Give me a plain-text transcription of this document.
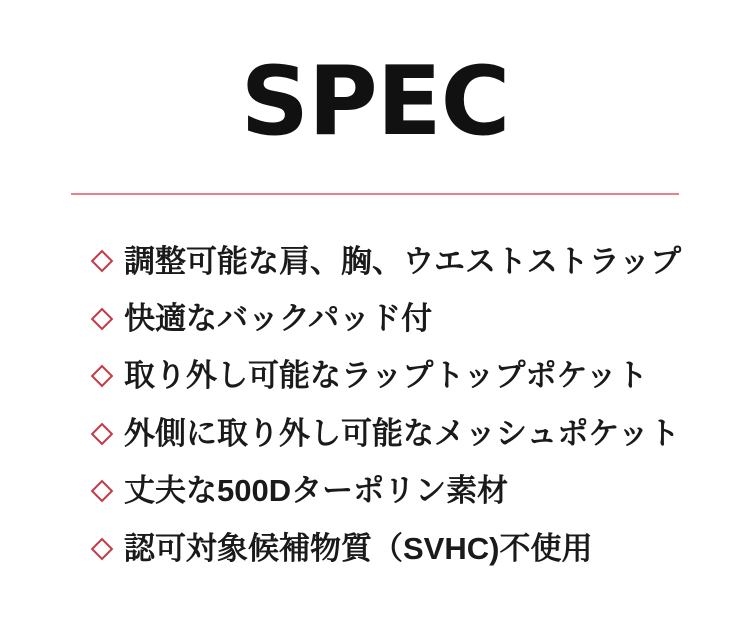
SPEC
調整可能な肩、胸、ウエストストラップ
快適なバックパッド付
取り外し可能なラップトップポケット
外側に取り外し可能なメッシュポケット
丈夫な500Dターポリン素材
認可対象候補物質（SVHC)不使用
